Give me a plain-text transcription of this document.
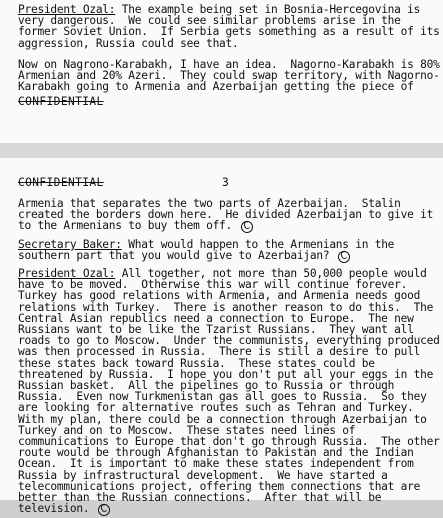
President Ozal: The example being set in Bosnia-Hercegovina is
very dangerous.  We could see similar problems arise in the
former Soviet Union.  If Serbia gets something as a result of its
aggression, Russia could see that.

Now on Nagrono-Karabakh, I have an idea.  Nagorno-Karabakh is 80%
Armenian and 20% Azeri.  They could swap territory, with Nagorno-
Karabakh going to Armenia and Azerbaijan getting the piece of

CONFIDENTIAL

CONFIDENTIAL	3

Armenia that separates the two parts of Azerbaijan.  Stalin
created the borders down here.  He divided Azerbaijan to give it
to the Armenians to buy them off. C

Secretary Baker: What would happen to the Armenians in the
southern part that you would give to Azerbaijan? C

President Ozal: All together, not more than 50,000 people would
have to be moved.  Otherwise this war will continue forever.
Turkey has good relations with Armenia, and Armenia needs good
relations with Turkey.  There is another reason to do this.  The
Central Asian republics need a connection to Europe.  The new
Russians want to be like the Tzarist Russians.  They want all
roads to go to Moscow.  Under the communists, everything produced
was then processed in Russia.  There is still a desire to pull
these states back toward Russia.  These states could be
threatened by Russia.  I hope you don't put all your eggs in the
Russian basket.  All the pipelines go to Russia or through
Russia.  Even now Turkmenistan gas all goes to Russia.  So they
are looking for alternative routes such as Tehran and Turkey.
With my plan, there could be a connection through Azerbaijan to
Turkey and on to Moscow.  These states need lines of
communications to Europe that don't go through Russia.  The other
route would be through Afghanistan to Pakistan and the Indian
Ocean.  It is important to make these states independent from
Russia by infrastructural development.  We have started a
telecommunications project, offering them connections that are
better than the Russian connections.  After that will be
television. C
